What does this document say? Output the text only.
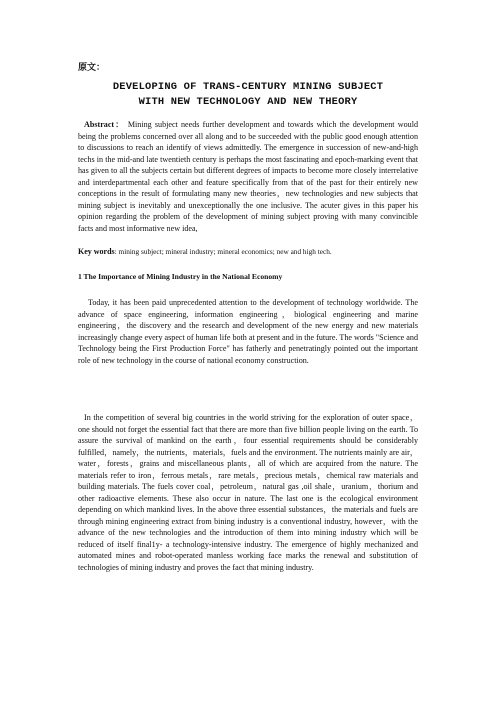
原文：
DEVELOPING OF TRANS-CENTURY MINING SUBJECT
WITH NEW TECHNOLOGY AND NEW THEORY

Abstract： Mining subject needs further development and towards which the development would being the problems concerned over all along and to be succeeded with the public good enough attention to discussions to reach an identify of views admittedly. The emergence in succession of new-and-high techs in the mid-and late twentieth century is perhaps the most fascinating and epoch-marking event that has given to all the subjects certain but different degrees of impacts to become more closely interrelative and interdepartmental each other and feature specifically from that of the past for their entirely new conceptions in the result of formulating many new theories，new technologies and new subjects that mining subject is inevitably and unexceptionally the one inclusive. The acuter gives in this paper his opinion regarding the problem of the development of mining subject proving with many convincible facts and most informative new idea,

Key words: mining subject; mineral industry; mineral economics; new and high tech.
1 The Importance of Mining Industry in the National Economy

Today, it has been paid unprecedented attention to the development of technology worldwide. The advance of space engineering, information engineering，biological engineering and marine engineering，the discovery and the research and development of the new energy and new materials increasingly change every aspect of human life both at present and in the future. The words "Science and Technology being the First Production Force" has fatherly and penetratingly pointed out the important role of new technology in the course of national economy construction.

In the competition of several big countries in the world striving for the exploration of outer space，one should not forget the essential fact that there are more than five billion people living on the earth. To assure the survival of mankind on the earth，four essential requirements should be considerably fulfilled，namely，the nutrients，materials，fuels and the environment. The nutrients mainly are air，water，forests，grains and miscellaneous plants，all of which are acquired from the nature. The materials refer to iron，ferrous metals，rare metals，precious metals，chemical raw materials and building materials. The fuels cover coal，petroleum，natural gas ,oil shale，uranium，thorium and other radioactive elements. These also occur in nature. The last one is the ecological environment depending on which mankind lives. In the above three essential substances，the materials and fuels are through mining engineering extract from bining industry is a conventional industry, however，with the advance of the new technologies and the introduction of them into mining industry which will be reduced of itself final1y- a technology-intensive industry. The emergence of highly mechanized and automated mines and robot-operated manless working face marks the renewal and substitution of technologies of mining industry and proves the fact that mining industry.
